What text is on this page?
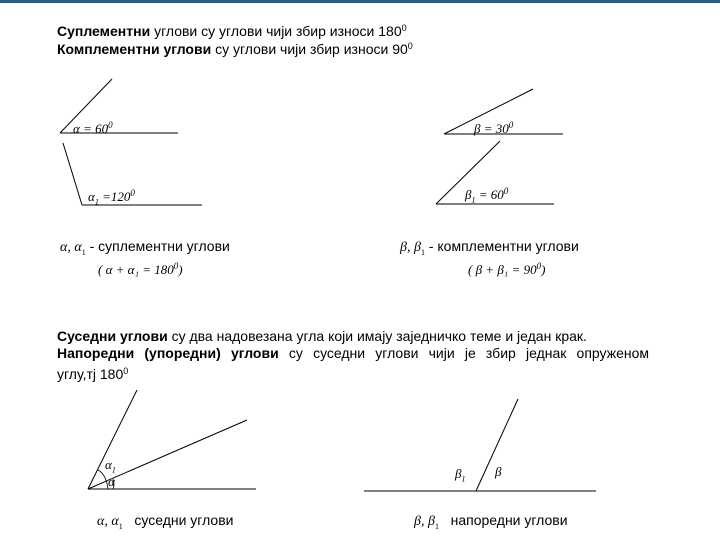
Суплементни углови су углови чији збир износи $180^0$
Комплементни углови су углови чији збир износи $90^0$
$\alpha = 60^0$
$\alpha_1 =120^0$
$\beta = 30^0$
$\beta_1 = 60^0$
α, $\alpha_1$ - суплементни углови
( $\alpha + \alpha_1 = 180^0$)
β, $\beta_1$ - комплементни углови
( $\beta + \beta_1 = 90^0$)
Суседни углови су два надовезана угла који имају заједничко теме и један крак.
Напоредни (упоредни) углови су суседни углови чији је збир једнак опруженом
углу,тј $180^0$
$\alpha_1$
α
$\beta_1$
β
α, $\alpha_1$ суседни углови	β, $\beta_1$ напоредни углови
